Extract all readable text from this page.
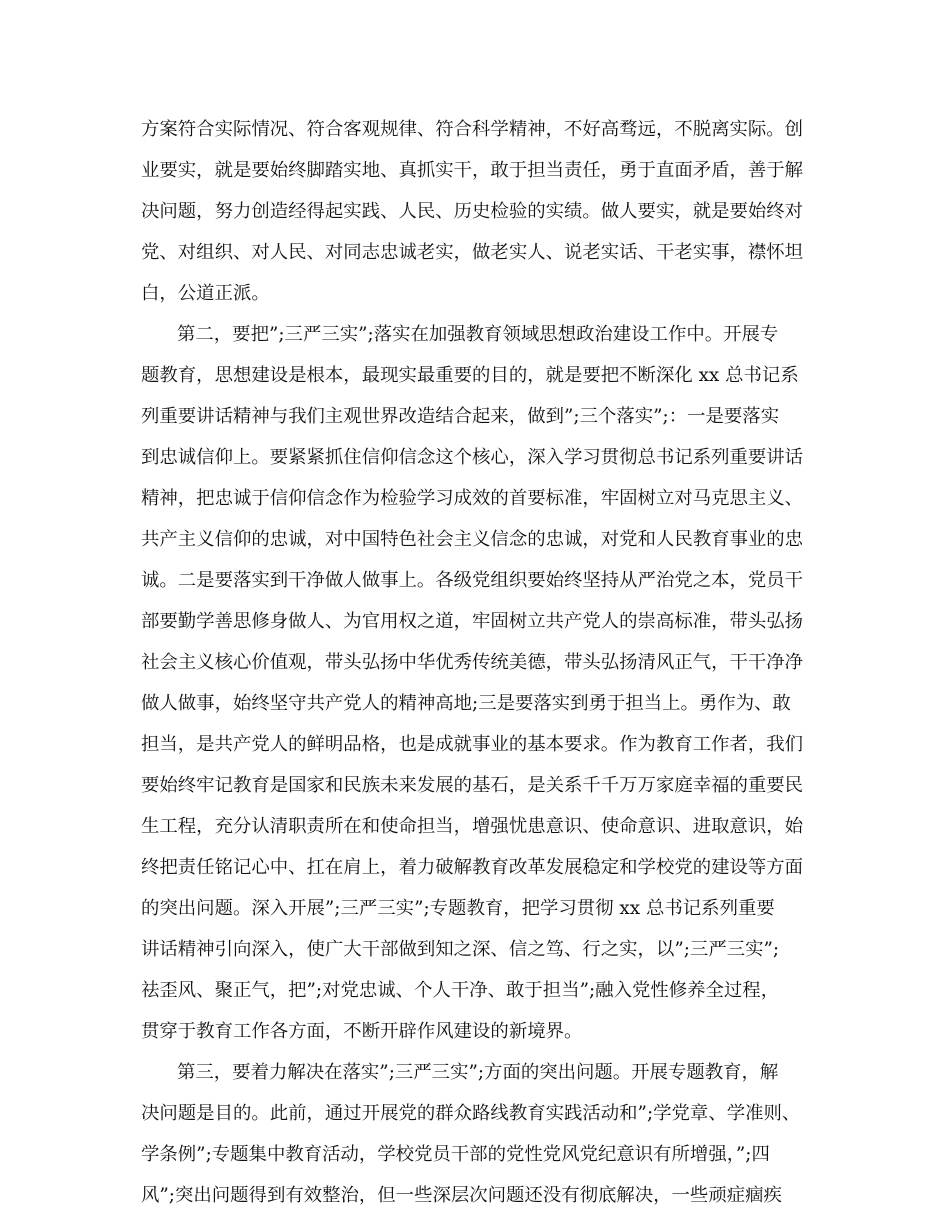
方案符合实际情况、符合客观规律、符合科学精神，不好高骛远，不脱离实际。创

业要实，就是要始终脚踏实地、真抓实干，敢于担当责任，勇于直面矛盾，善于解

决问题，努力创造经得起实践、人民、历史检验的实绩。做人要实，就是要始终对

党、对组织、对人民、对同志忠诚老实，做老实人、说老实话、干老实事，襟怀坦

白，公道正派。

第二，要把”;三严三实”;落实在加强教育领域思想政治建设工作中。开展专

题教育，思想建设是根本，最现实最重要的目的，就是要把不断深化 xx 总书记系

列重要讲话精神与我们主观世界改造结合起来，做到”;三个落实”;：一是要落实

到忠诚信仰上。要紧紧抓住信仰信念这个核心，深入学习贯彻总书记系列重要讲话

精神，把忠诚于信仰信念作为检验学习成效的首要标准，牢固树立对马克思主义、

共产主义信仰的忠诚，对中国特色社会主义信念的忠诚，对党和人民教育事业的忠

诚。二是要落实到干净做人做事上。各级党组织要始终坚持从严治党之本，党员干

部要勤学善思修身做人、为官用权之道，牢固树立共产党人的崇高标准，带头弘扬

社会主义核心价值观，带头弘扬中华优秀传统美德，带头弘扬清风正气，干干净净

做人做事，始终坚守共产党人的精神高地;三是要落实到勇于担当上。勇作为、敢

担当，是共产党人的鲜明品格，也是成就事业的基本要求。作为教育工作者，我们

要始终牢记教育是国家和民族未来发展的基石，是关系千千万万家庭幸福的重要民

生工程，充分认清职责所在和使命担当，增强忧患意识、使命意识、进取意识，始

终把责任铭记心中、扛在肩上，着力破解教育改革发展稳定和学校党的建设等方面

的突出问题。深入开展”;三严三实”;专题教育，把学习贯彻 xx 总书记系列重要

讲话精神引向深入，使广大干部做到知之深、信之笃、行之实，以”;三严三实”;

祛歪风、聚正气，把”;对党忠诚、个人干净、敢于担当”;融入党性修养全过程，

贯穿于教育工作各方面，不断开辟作风建设的新境界。

第三，要着力解决在落实”;三严三实”;方面的突出问题。开展专题教育，解

决问题是目的。此前，通过开展党的群众路线教育实践活动和”;学党章、学准则、

学条例”;专题集中教育活动，学校党员干部的党性党风党纪意识有所增强，”;四

风”;突出问题得到有效整治，但一些深层次问题还没有彻底解决，一些顽症痼疾
